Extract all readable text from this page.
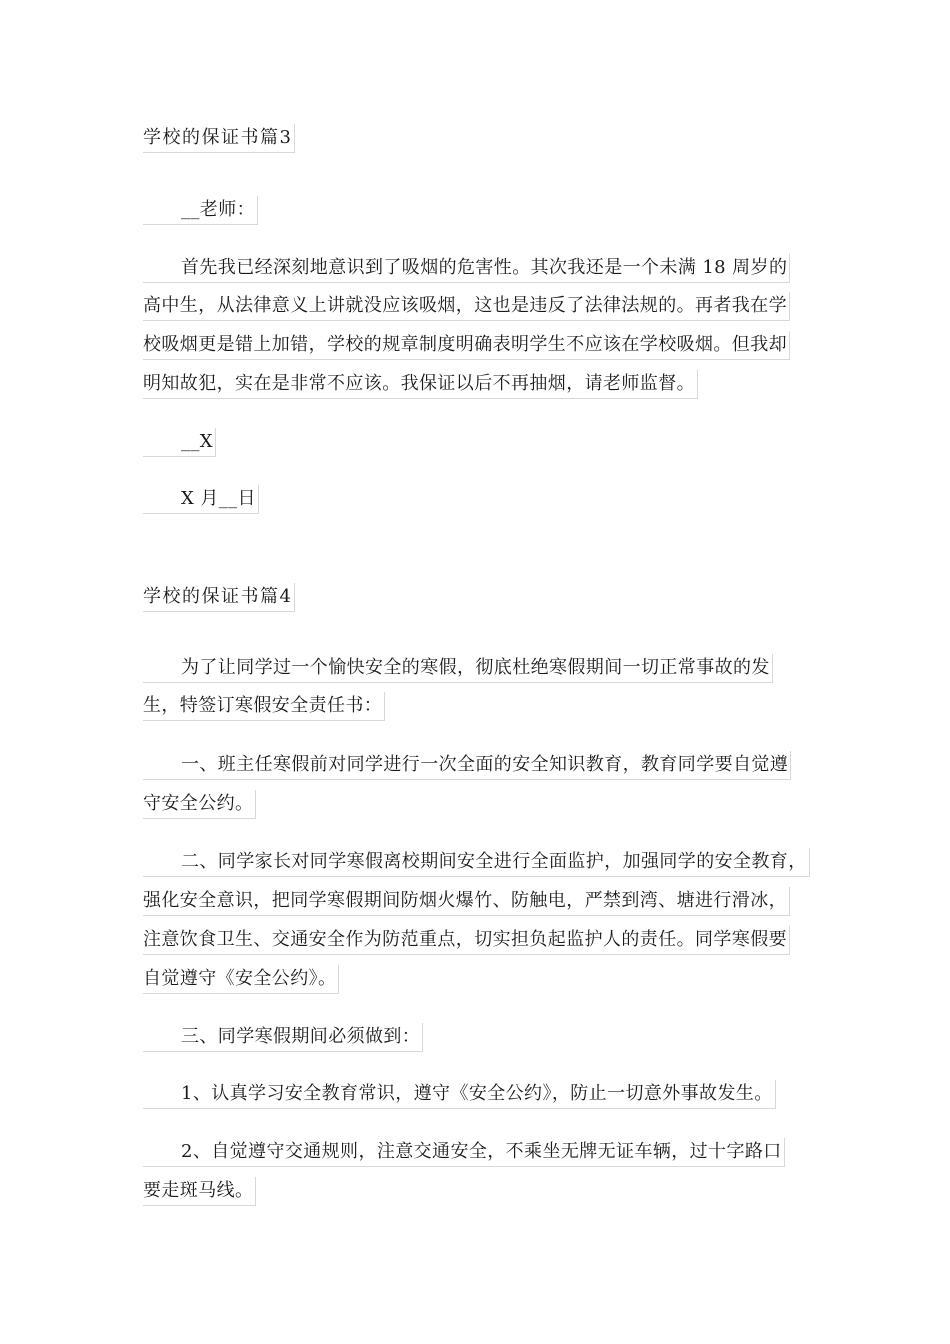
学校的保证书篇3
__老师：
首先我已经深刻地意识到了吸烟的危害性。其次我还是一个未满 18 周岁的
高中生，从法律意义上讲就没应该吸烟，这也是违反了法律法规的。再者我在学
校吸烟更是错上加错，学校的规章制度明确表明学生不应该在学校吸烟。但我却
明知故犯，实在是非常不应该。我保证以后不再抽烟，请老师监督。
__X
X 月__日
学校的保证书篇4
为了让同学过一个愉快安全的寒假，彻底杜绝寒假期间一切正常事故的发
生，特签订寒假安全责任书：
一、班主任寒假前对同学进行一次全面的安全知识教育，教育同学要自觉遵
守安全公约。
二、同学家长对同学寒假离校期间安全进行全面监护，加强同学的安全教育，
强化安全意识，把同学寒假期间防烟火爆竹、防触电，严禁到湾、塘进行滑冰，
注意饮食卫生、交通安全作为防范重点，切实担负起监护人的责任。同学寒假要
自觉遵守《安全公约》。
三、同学寒假期间必须做到：
1、认真学习安全教育常识，遵守《安全公约》，防止一切意外事故发生。
2、自觉遵守交通规则，注意交通安全，不乘坐无牌无证车辆，过十字路口
要走斑马线。
